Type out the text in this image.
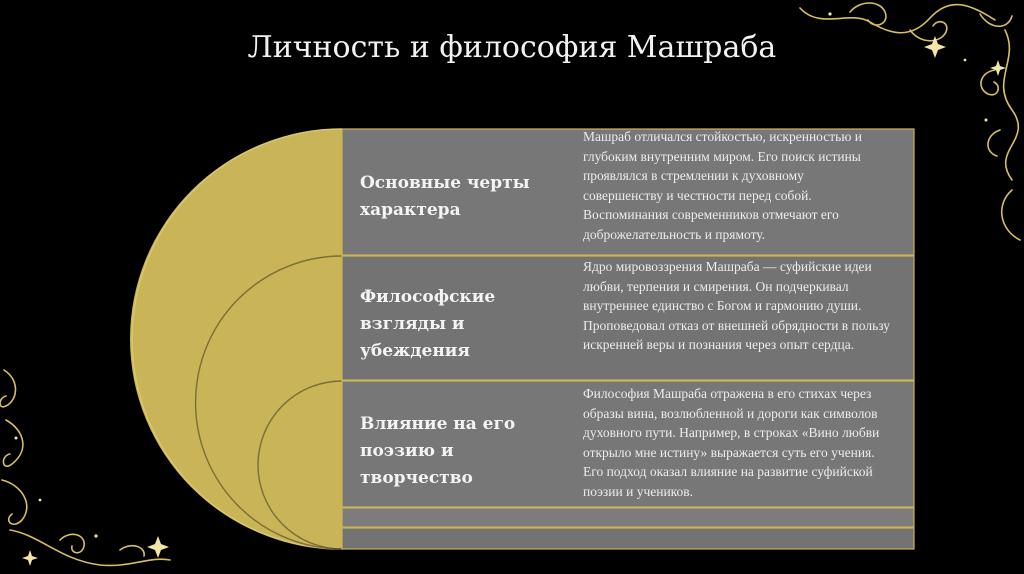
Личность и философия Машраба
Основные черты
характера
Философские
взгляды и
убеждения
Влияние на его
поэзию и
творчество
Машраб отличался стойкостью, искренностью и глубоким внутренним миром. Его поиск истины проявлялся в стремлении к духовному совершенству и честности перед собой. Воспоминания современников отмечают его доброжелательность и прямоту.
Ядро мировоззрения Машраба — суфийские идеи любви, терпения и смирения. Он подчеркивал внутреннее единство с Богом и гармонию души. Проповедовал отказ от внешней обрядности в пользу искренней веры и познания через опыт сердца.
Философия Машраба отражена в его стихах через образы вина, возлюбленной и дороги как символов духовного пути. Например, в строках «Вино любви открыло мне истину» выражается суть его учения. Его подход оказал влияние на развитие суфийской поэзии и учеников.
